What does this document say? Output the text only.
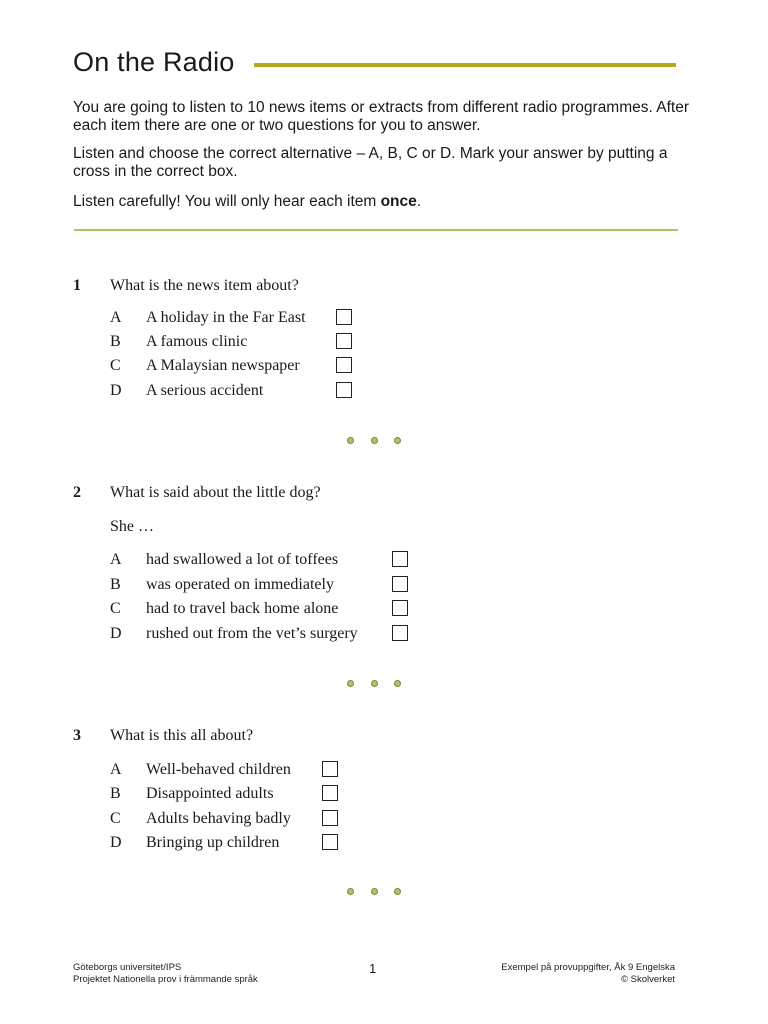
On the Radio

You are going to listen to 10 news items or extracts from different radio programmes. After each item there are one or two questions for you to answer.

Listen and choose the correct alternative – A, B, C or D. Mark your answer by putting a cross in the correct box.

Listen carefully! You will only hear each item once.

1 What is the news item about?
A A holiday in the Far East
B A famous clinic
C A Malaysian newspaper
D A serious accident
2 What is said about the little dog?
She …
A had swallowed a lot of toffees
B was operated on immediately
C had to travel back home alone
D rushed out from the vet’s surgery
3 What is this all about?
A Well-behaved children
B Disappointed adults
C Adults behaving badly
D Bringing up children
Göteborgs universitet/IPS
Projektet Nationella prov i främmande språk
1	Exempel på provuppgifter, Åk 9 Engelska
© Skolverket
